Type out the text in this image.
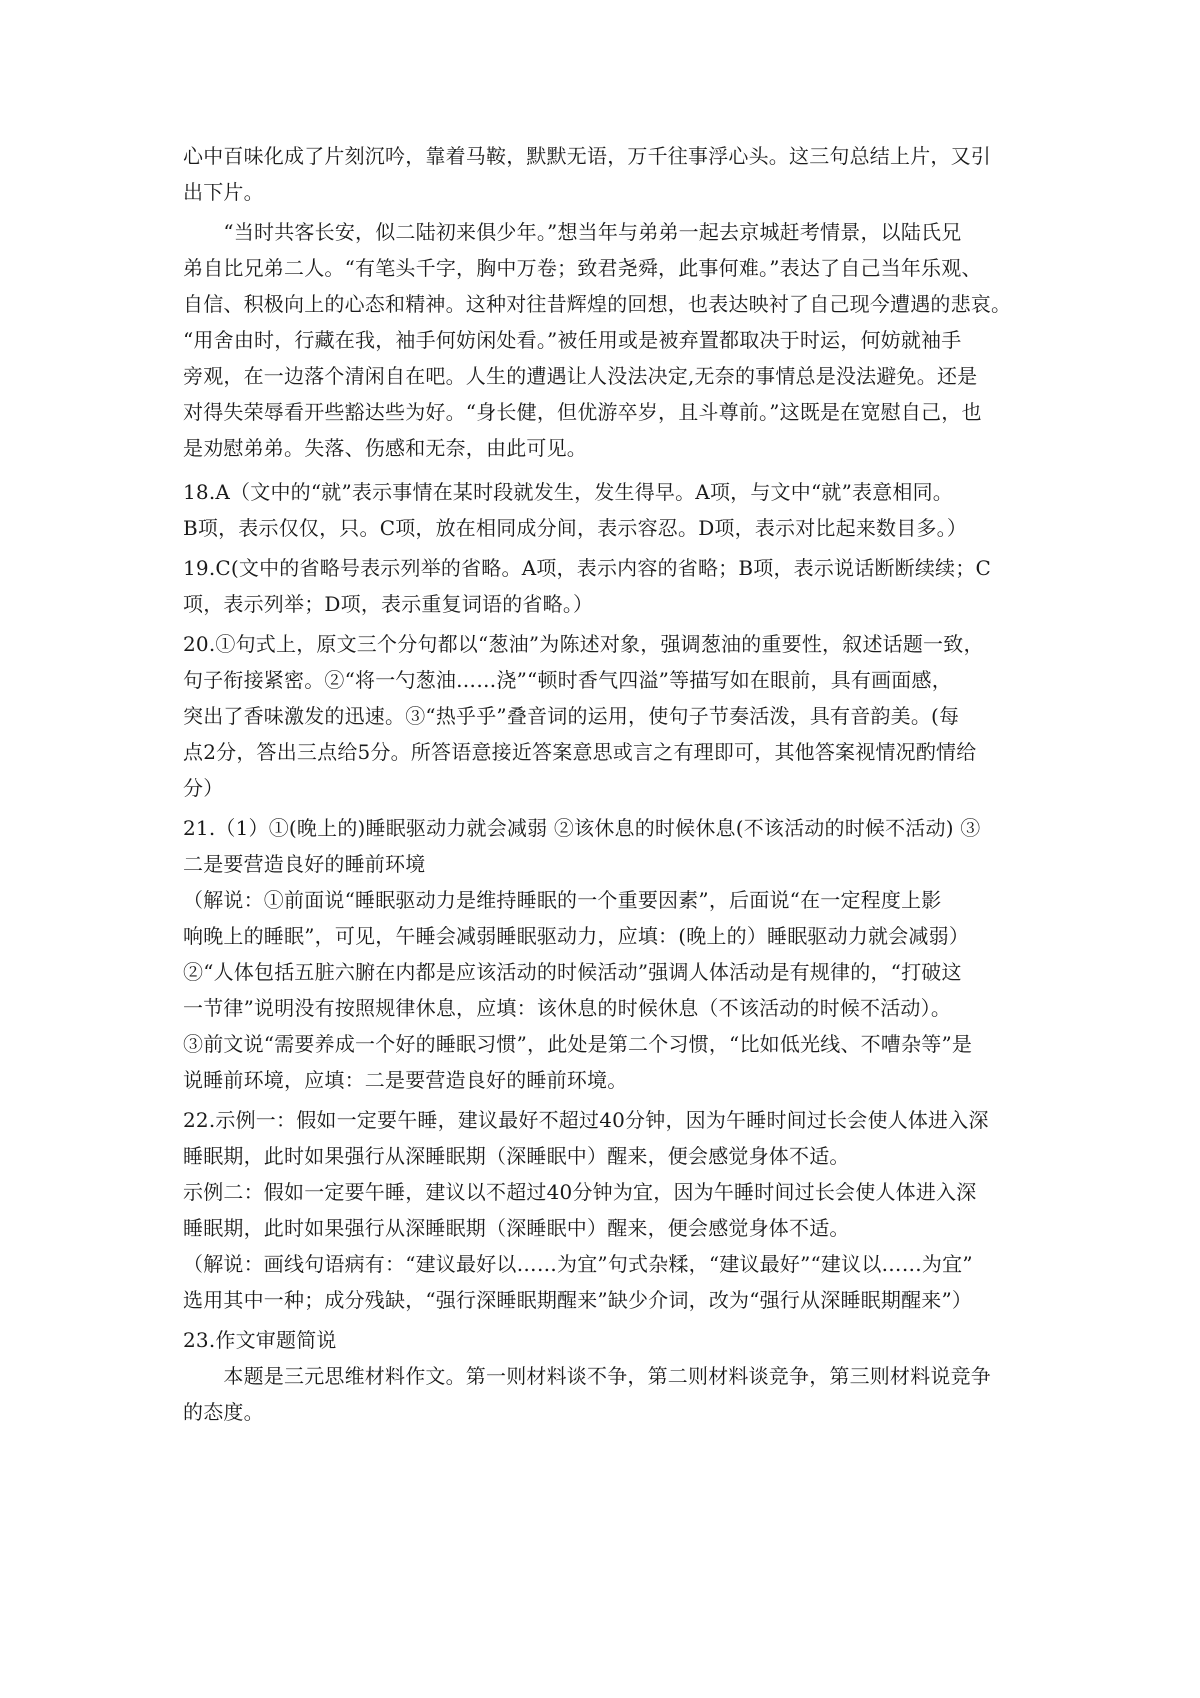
心中百味化成了片刻沉吟，靠着马鞍，默默无语，万千往事浮心头。这三句总结上片，又引
出下片。
　　“当时共客长安，似二陆初来俱少年。”想当年与弟弟一起去京城赶考情景，以陆氏兄
弟自比兄弟二人。“有笔头千字，胸中万卷；致君尧舜，此事何难。”表达了自己当年乐观、
自信、积极向上的心态和精神。这种对往昔辉煌的回想，也表达映衬了自己现今遭遇的悲哀。
“用舍由时，行藏在我，袖手何妨闲处看。”被任用或是被弃置都取决于时运，何妨就袖手
旁观，在一边落个清闲自在吧。人生的遭遇让人没法决定,无奈的事情总是没法避免。还是
对得失荣辱看开些豁达些为好。“身长健，但优游卒岁，且斗尊前。”这既是在宽慰自己，也
是劝慰弟弟。失落、伤感和无奈，由此可见。
18.A（文中的“就”表示事情在某时段就发生，发生得早。A项，与文中“就”表意相同。
B项，表示仅仅，只。C项，放在相同成分间，表示容忍。D项，表示对比起来数目多。）
19.C(文中的省略号表示列举的省略。A项，表示内容的省略；B项，表示说话断断续续；C
项，表示列举；D项，表示重复词语的省略。）
20.①句式上，原文三个分句都以“葱油”为陈述对象，强调葱油的重要性，叙述话题一致，
句子衔接紧密。②“将一勺葱油……浇”“顿时香气四溢”等描写如在眼前，具有画面感，
突出了香味激发的迅速。③“热乎乎”叠音词的运用，使句子节奏活泼，具有音韵美。(每
点2分，答出三点给5分。所答语意接近答案意思或言之有理即可，其他答案视情况酌情给
分）
21.（1）①(晚上的)睡眠驱动力就会减弱 ②该休息的时候休息(不该活动的时候不活动) ③
二是要营造良好的睡前环境
（解说：①前面说“睡眠驱动力是维持睡眠的一个重要因素”，后面说“在一定程度上影
响晚上的睡眠”，可见，午睡会减弱睡眠驱动力，应填：(晚上的）睡眠驱动力就会减弱）
②“人体包括五脏六腑在内都是应该活动的时候活动”强调人体活动是有规律的，“打破这
一节律”说明没有按照规律休息，应填：该休息的时候休息（不该活动的时候不活动）。
③前文说“需要养成一个好的睡眠习惯”，此处是第二个习惯，“比如低光线、不嘈杂等”是
说睡前环境，应填：二是要营造良好的睡前环境。
22.示例一：假如一定要午睡，建议最好不超过40分钟，因为午睡时间过长会使人体进入深
睡眠期，此时如果强行从深睡眠期（深睡眠中）醒来，便会感觉身体不适。
示例二：假如一定要午睡，建议以不超过40分钟为宜，因为午睡时间过长会使人体进入深
睡眠期，此时如果强行从深睡眠期（深睡眠中）醒来，便会感觉身体不适。
（解说：画线句语病有：“建议最好以……为宜”句式杂糅，“建议最好”“建议以……为宜”
选用其中一种；成分残缺，“强行深睡眠期醒来”缺少介词，改为“强行从深睡眠期醒来”）
23.作文审题简说
　　本题是三元思维材料作文。第一则材料谈不争，第二则材料谈竞争，第三则材料说竞争
的态度。
